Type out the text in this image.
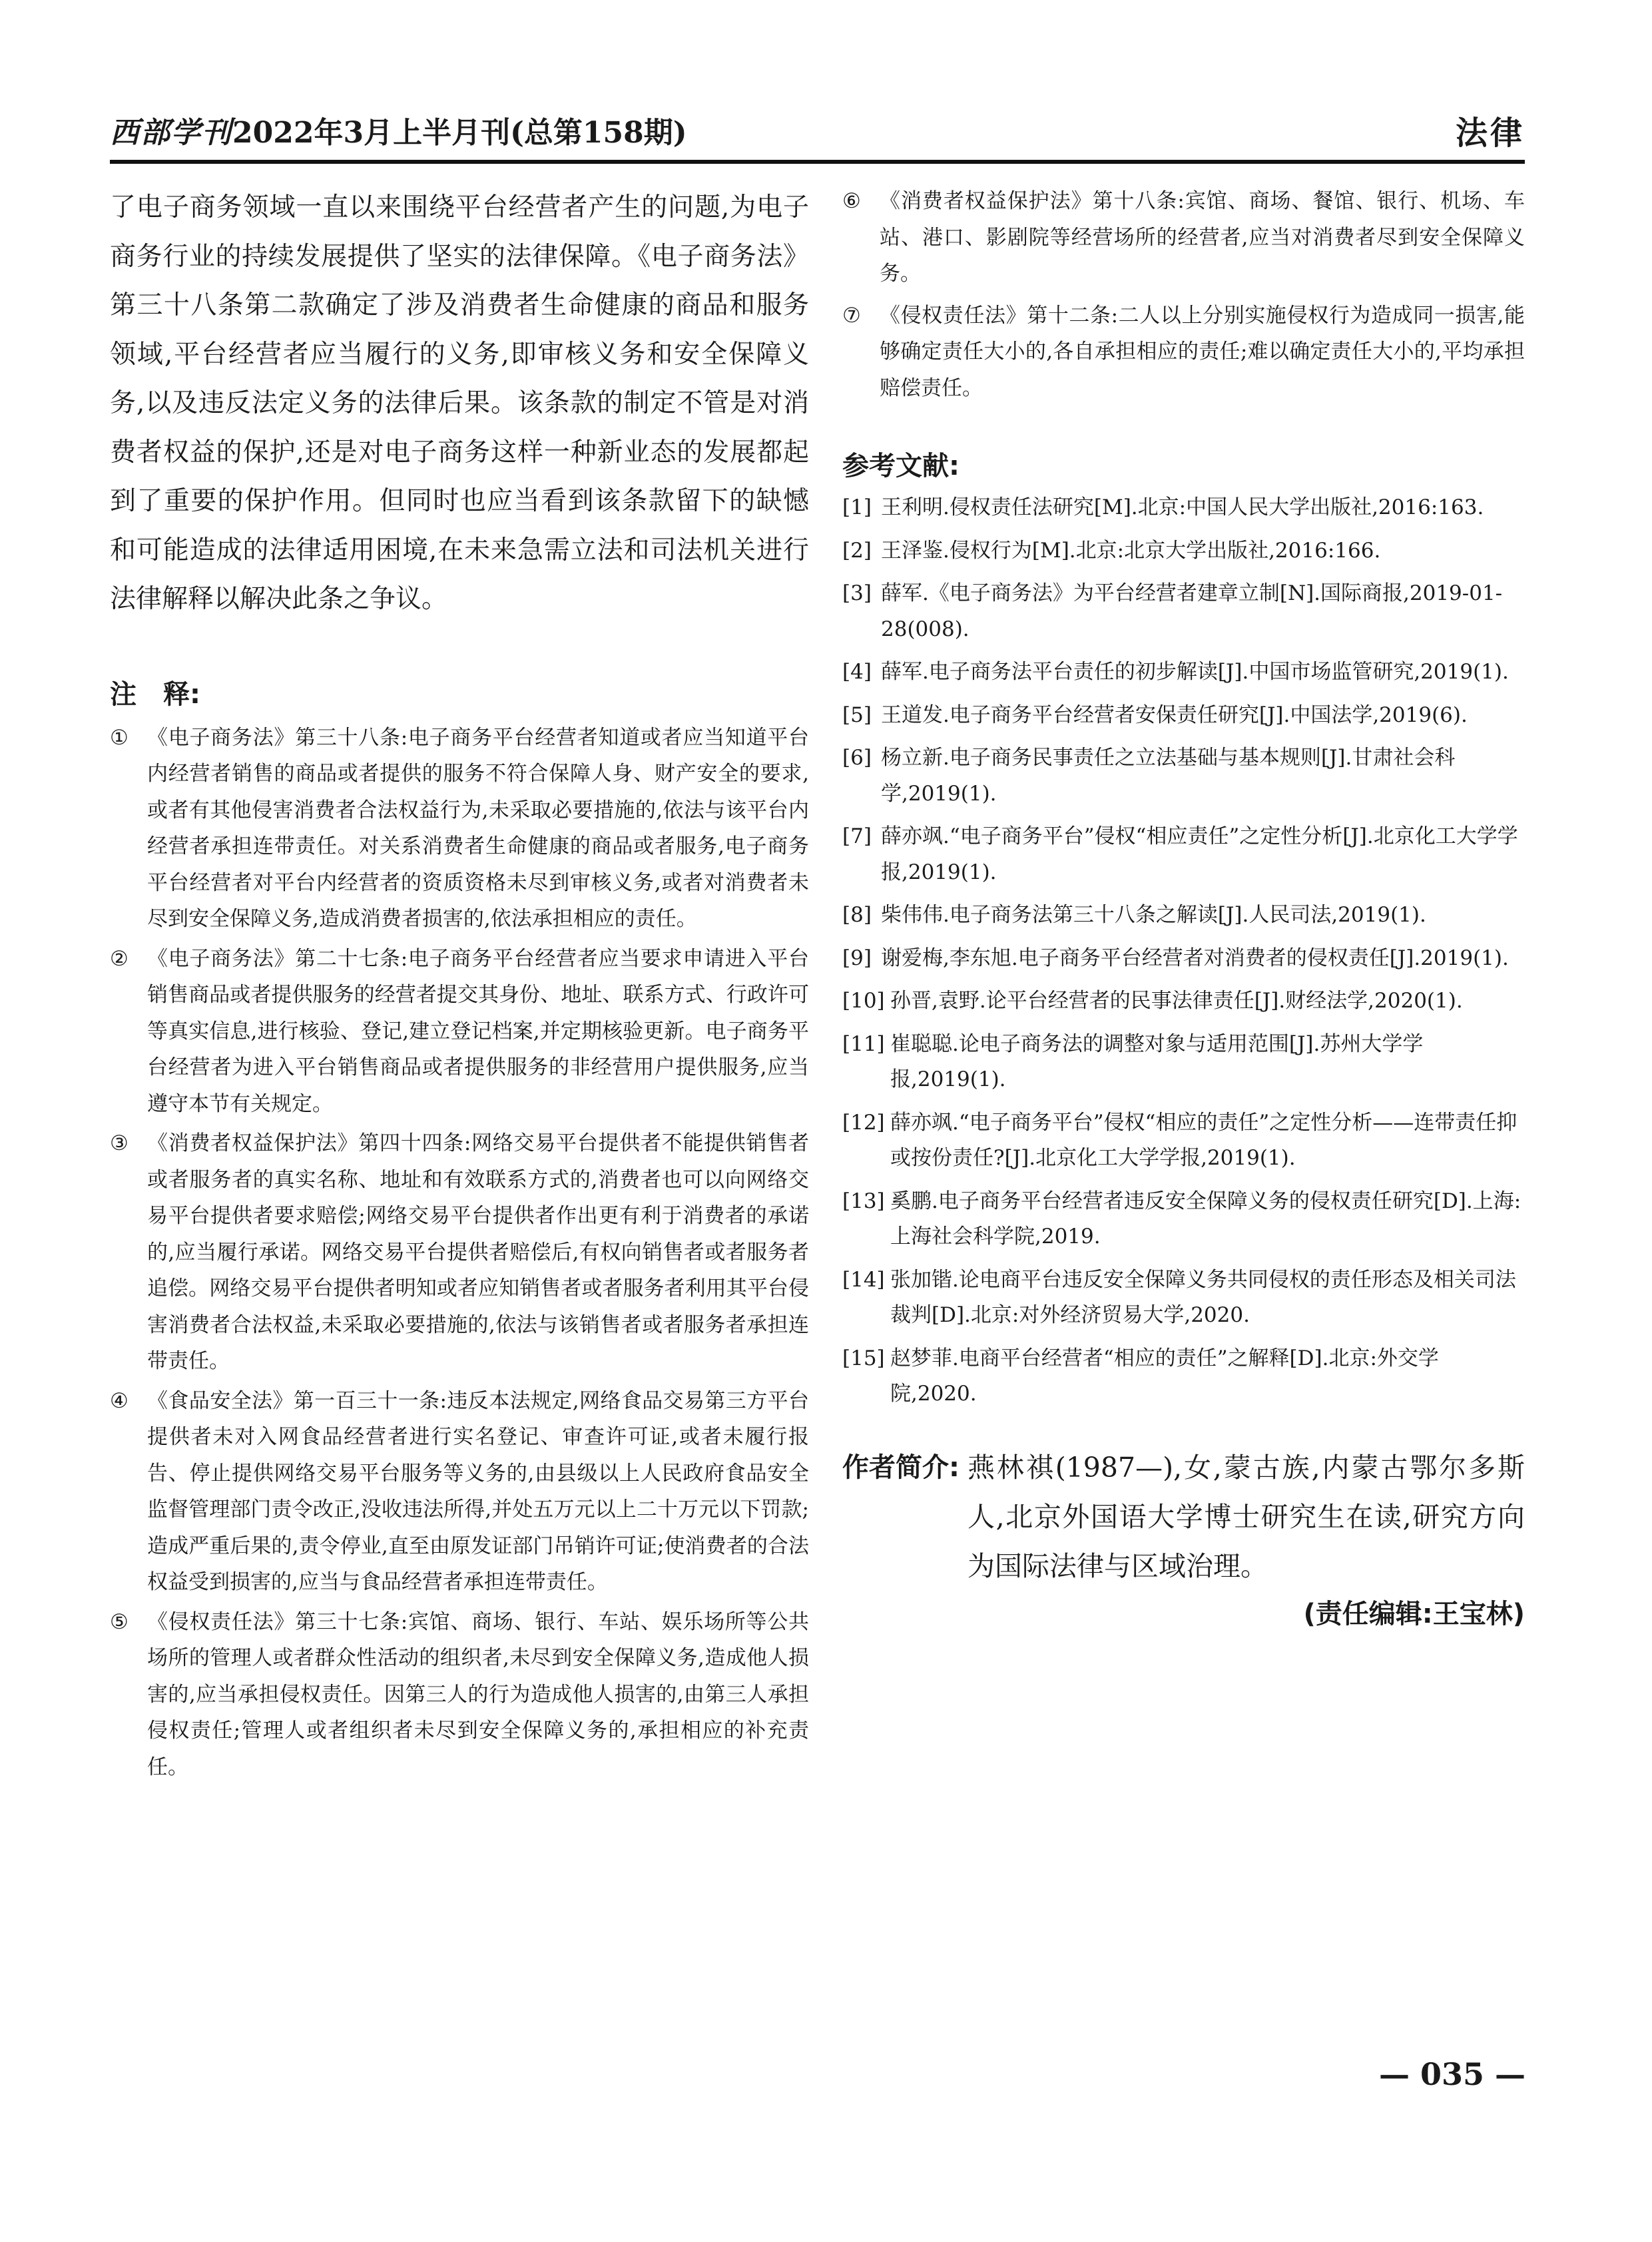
西部学刊2022年3月上半月刊(总第158期)	法律

了电子商务领域一直以来围绕平台经营者产生的问题,为电子商务行业的持续发展提供了坚实的法律保障。《电子商务法》第三十八条第二款确定了涉及消费者生命健康的商品和服务领域,平台经营者应当履行的义务,即审核义务和安全保障义务,以及违反法定义务的法律后果。该条款的制定不管是对消费者权益的保护,还是对电子商务这样一种新业态的发展都起到了重要的保护作用。但同时也应当看到该条款留下的缺憾和可能造成的法律适用困境,在未来急需立法和司法机关进行法律解释以解决此条之争议。

注　释:

① 《电子商务法》第三十八条:电子商务平台经营者知道或者应当知道平台内经营者销售的商品或者提供的服务不符合保障人身、财产安全的要求,或者有其他侵害消费者合法权益行为,未采取必要措施的,依法与该平台内经营者承担连带责任。对关系消费者生命健康的商品或者服务,电子商务平台经营者对平台内经营者的资质资格未尽到审核义务,或者对消费者未尽到安全保障义务,造成消费者损害的,依法承担相应的责任。

② 《电子商务法》第二十七条:电子商务平台经营者应当要求申请进入平台销售商品或者提供服务的经营者提交其身份、地址、联系方式、行政许可等真实信息,进行核验、登记,建立登记档案,并定期核验更新。电子商务平台经营者为进入平台销售商品或者提供服务的非经营用户提供服务,应当遵守本节有关规定。

③ 《消费者权益保护法》第四十四条:网络交易平台提供者不能提供销售者或者服务者的真实名称、地址和有效联系方式的,消费者也可以向网络交易平台提供者要求赔偿;网络交易平台提供者作出更有利于消费者的承诺的,应当履行承诺。网络交易平台提供者赔偿后,有权向销售者或者服务者追偿。网络交易平台提供者明知或者应知销售者或者服务者利用其平台侵害消费者合法权益,未采取必要措施的,依法与该销售者或者服务者承担连带责任。

④ 《食品安全法》第一百三十一条:违反本法规定,网络食品交易第三方平台提供者未对入网食品经营者进行实名登记、审查许可证,或者未履行报告、停止提供网络交易平台服务等义务的,由县级以上人民政府食品安全监督管理部门责令改正,没收违法所得,并处五万元以上二十万元以下罚款;造成严重后果的,责令停业,直至由原发证部门吊销许可证;使消费者的合法权益受到损害的,应当与食品经营者承担连带责任。

⑤ 《侵权责任法》第三十七条:宾馆、商场、银行、车站、娱乐场所等公共场所的管理人或者群众性活动的组织者,未尽到安全保障义务,造成他人损害的,应当承担侵权责任。因第三人的行为造成他人损害的,由第三人承担侵权责任;管理人或者组织者未尽到安全保障义务的,承担相应的补充责任。

⑥ 《消费者权益保护法》第十八条:宾馆、商场、餐馆、银行、机场、车站、港口、影剧院等经营场所的经营者,应当对消费者尽到安全保障义务。

⑦ 《侵权责任法》第十二条:二人以上分别实施侵权行为造成同一损害,能够确定责任大小的,各自承担相应的责任;难以确定责任大小的,平均承担赔偿责任。

参考文献:

[1] 王利明.侵权责任法研究[M].北京:中国人民大学出版社,2016:163.

[2] 王泽鉴.侵权行为[M].北京:北京大学出版社,2016:166.

[3] 薛军.《电子商务法》为平台经营者建章立制[N].国际商报,2019-01-28(008).

[4] 薛军.电子商务法平台责任的初步解读[J].中国市场监管研究,2019(1).

[5] 王道发.电子商务平台经营者安保责任研究[J].中国法学,2019(6).

[6] 杨立新.电子商务民事责任之立法基础与基本规则[J].甘肃社会科学,2019(1).

[7] 薛亦飒.“电子商务平台”侵权“相应责任”之定性分析[J].北京化工大学学报,2019(1).

[8] 柴伟伟.电子商务法第三十八条之解读[J].人民司法,2019(1).

[9] 谢爱梅,李东旭.电子商务平台经营者对消费者的侵权责任[J].2019(1).

[10] 孙晋,袁野.论平台经营者的民事法律责任[J].财经法学,2020(1).

[11] 崔聪聪.论电子商务法的调整对象与适用范围[J].苏州大学学报,2019(1).

[12] 薛亦飒.“电子商务平台”侵权“相应的责任”之定性分析——连带责任抑或按份责任?[J].北京化工大学学报,2019(1).

[13] 奚鹏.电子商务平台经营者违反安全保障义务的侵权责任研究[D].上海:上海社会科学院,2019.

[14] 张加锴.论电商平台违反安全保障义务共同侵权的责任形态及相关司法裁判[D].北京:对外经济贸易大学,2020.

[15] 赵梦菲.电商平台经营者“相应的责任”之解释[D].北京:外交学院,2020.

作者简介: 燕林祺(1987—),女,蒙古族,内蒙古鄂尔多斯人,北京外国语大学博士研究生在读,研究方向为国际法律与区域治理。

(责任编辑:王宝林)
— 035 —
